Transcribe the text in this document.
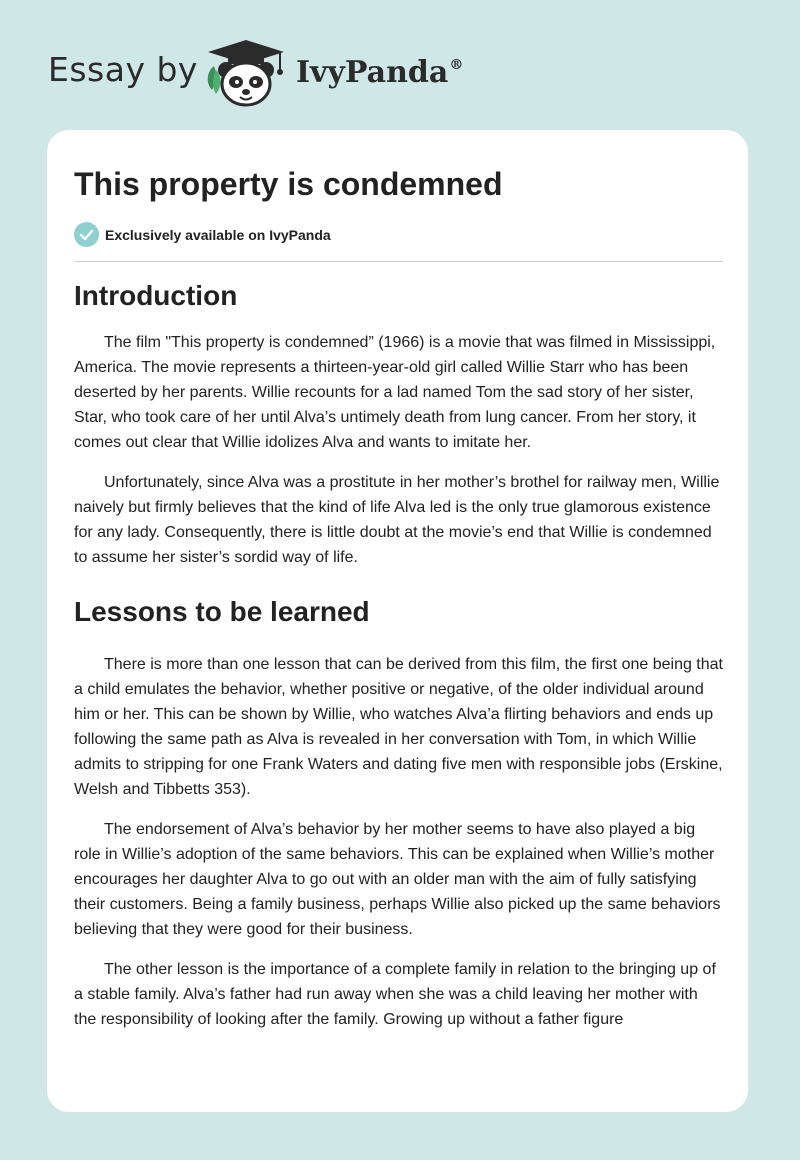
Essay by	IvyPanda®
This property is condemned
Exclusively available on IvyPanda
Introduction

The film "This property is condemned” (1966) is a movie that was filmed in Mississippi, America. The movie represents a thirteen-year-old girl called Willie Starr who has been deserted by her parents. Willie recounts for a lad named Tom the sad story of her sister, Star, who took care of her until Alva’s untimely death from lung cancer. From her story, it comes out clear that Willie idolizes Alva and wants to imitate her.

Unfortunately, since Alva was a prostitute in her mother’s brothel for railway men, Willie naively but firmly believes that the kind of life Alva led is the only true glamorous existence for any lady. Consequently, there is little doubt at the movie’s end that Willie is condemned to assume her sister’s sordid way of life.

Lessons to be learned

There is more than one lesson that can be derived from this film, the first one being that a child emulates the behavior, whether positive or negative, of the older individual around him or her. This can be shown by Willie, who watches Alva’a flirting behaviors and ends up following the same path as Alva is revealed in her conversation with Tom, in which Willie admits to stripping for one Frank Waters and dating five men with responsible jobs (Erskine, Welsh and Tibbetts 353).

The endorsement of Alva’s behavior by her mother seems to have also played a big role in Willie’s adoption of the same behaviors. This can be explained when Willie’s mother encourages her daughter Alva to go out with an older man with the aim of fully satisfying their customers. Being a family business, perhaps Willie also picked up the same behaviors believing that they were good for their business.

The other lesson is the importance of a complete family in relation to the bringing up of a stable family. Alva’s father had run away when she was a child leaving her mother with the responsibility of looking after the family. Growing up without a father figure
